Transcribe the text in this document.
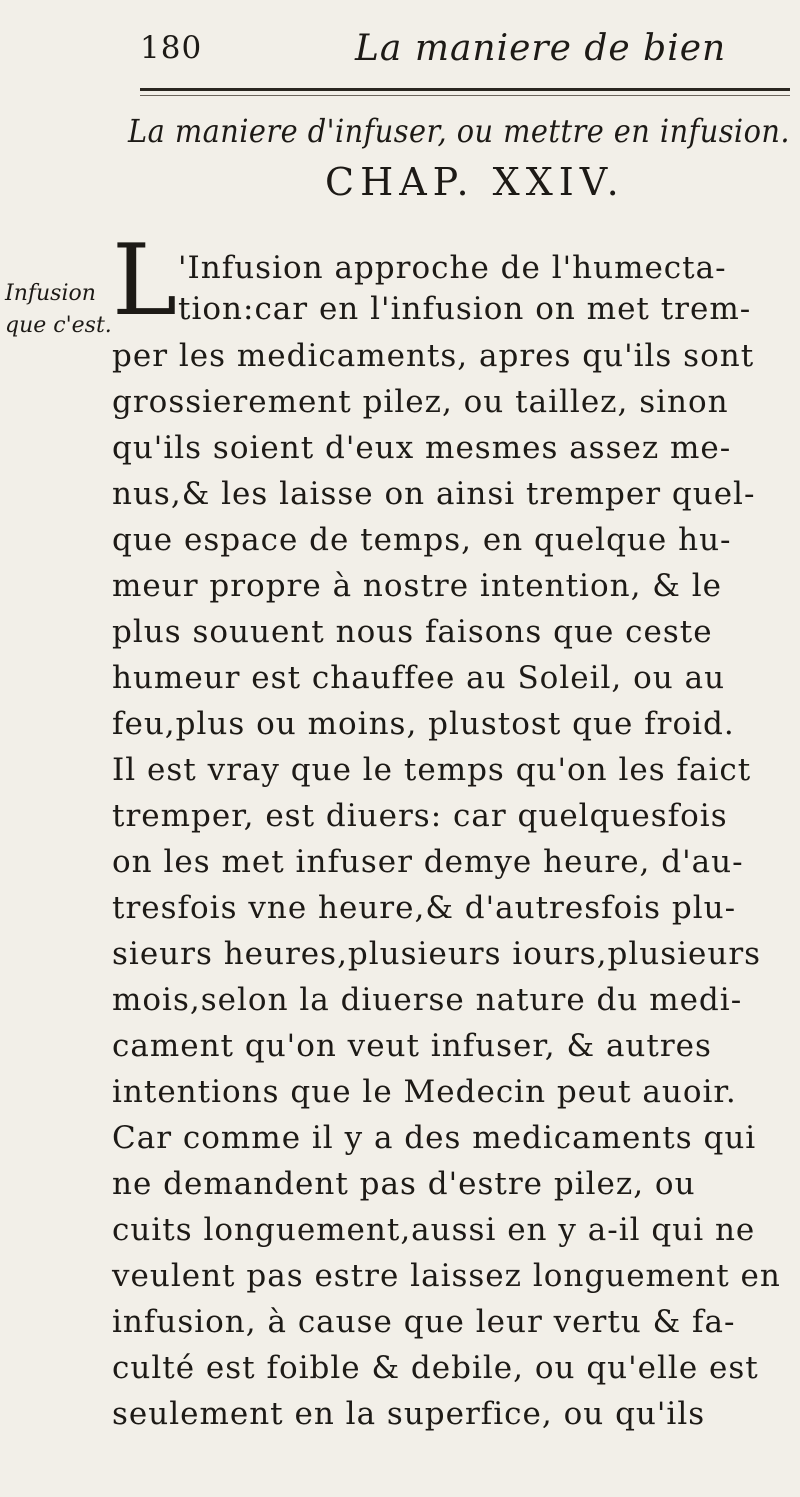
180	La maniere de bien
La maniere d'infuser, ou mettre en infusion.
CHAP. XXIV.
Infusion
que c'est. L 'Infusion approche de l'humecta-
tion:car en l'infusion on met trem-
per les medicaments, apres qu'ils sont
grossierement pilez, ou taillez, sinon
qu'ils soient d'eux mesmes assez me-
nus,& les laisse on ainsi tremper quel-
que espace de temps, en quelque hu-
meur propre à nostre intention, & le
plus souuent nous faisons que ceste
humeur est chauffee au Soleil, ou au
feu,plus ou moins, plustost que froid.
Il est vray que le temps qu'on les faict
tremper, est diuers: car quelquesfois
on les met infuser demye heure, d'au-
tresfois vne heure,& d'autresfois plu-
sieurs heures,plusieurs iours,plusieurs
mois,selon la diuerse nature du medi-
cament qu'on veut infuser, & autres
intentions que le Medecin peut auoir.
Car comme il y a des medicaments qui
ne demandent pas d'estre pilez, ou
cuits longuement,aussi en y a-il qui ne
veulent pas estre laissez longuement en
infusion, à cause que leur vertu & fa-
culté est foible & debile, ou qu'elle est
seulement en la superfice, ou qu'ils
